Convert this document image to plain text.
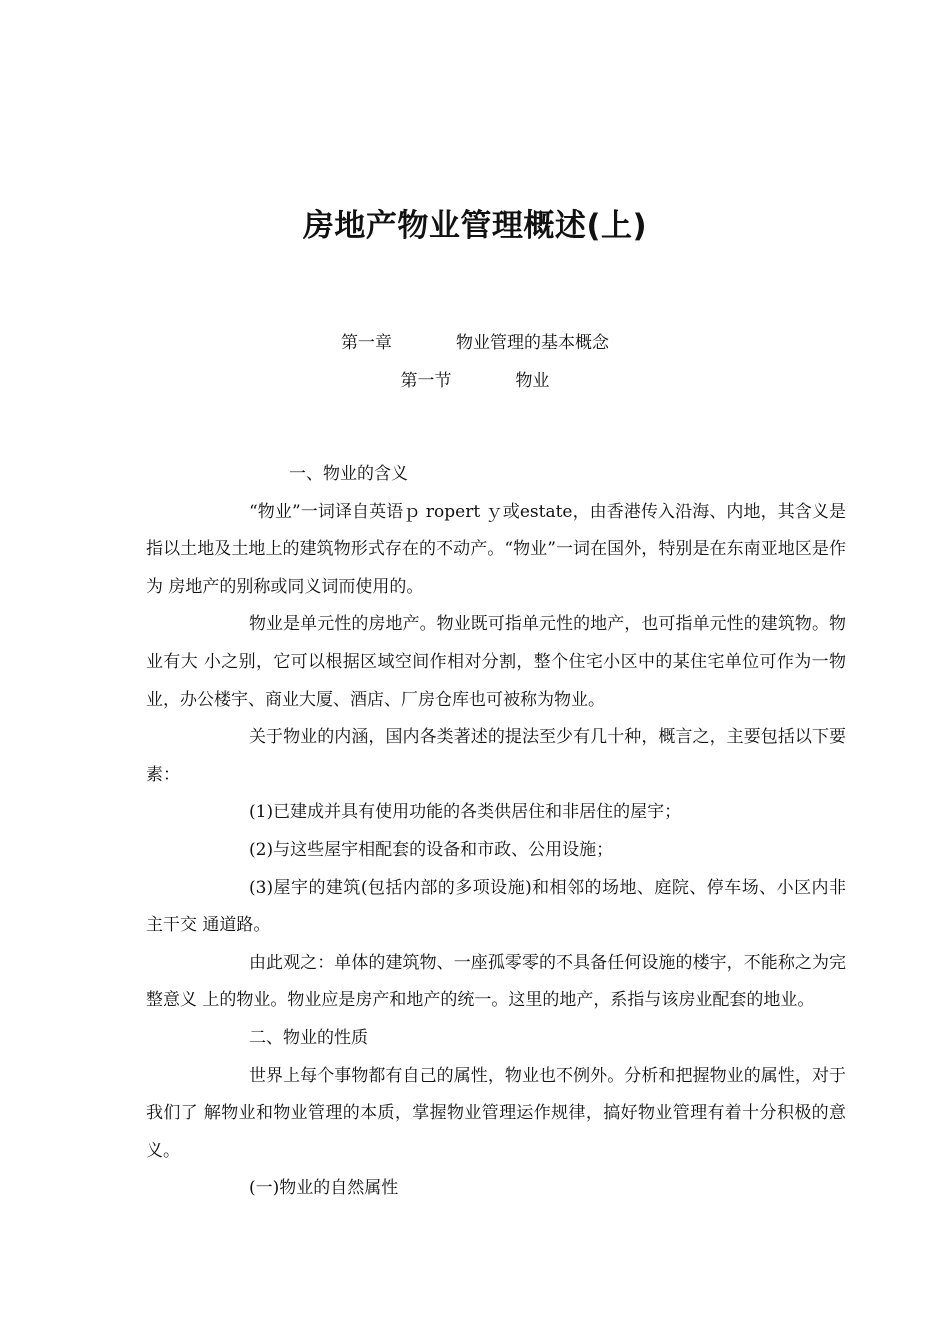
房地产物业管理概述(上)
第一章	物业管理的基本概念
第一节	物业

一、物业的含义

“物业”一词译自英语ｐ ropert ｙ或estate，由香港传入沿海、内地，其含义是指以土地及土地上的建筑物形式存在的不动产。“物业”一词在国外，特别是在东南亚地区是作为 房地产的别称或同义词而使用的。

物业是单元性的房地产。物业既可指单元性的地产，也可指单元性的建筑物。物业有大 小之别，它可以根据区域空间作相对分割，整个住宅小区中的某住宅单位可作为一物业，办公楼宇、商业大厦、酒店、厂房仓库也可被称为物业。

关于物业的内涵，国内各类著述的提法至少有几十种，概言之，主要包括以下要素：

(1)已建成并具有使用功能的各类供居住和非居住的屋宇；

(2)与这些屋宇相配套的设备和市政、公用设施；

(3)屋宇的建筑(包括内部的多项设施)和相邻的场地、庭院、停车场、小区内非主干交 通道路。

由此观之：单体的建筑物、一座孤零零的不具备任何设施的楼宇，不能称之为完整意义 上的物业。物业应是房产和地产的统一。这里的地产，系指与该房业配套的地业。

二、物业的性质

世界上每个事物都有自己的属性，物业也不例外。分析和把握物业的属性，对于我们了 解物业和物业管理的本质，掌握物业管理运作规律，搞好物业管理有着十分积极的意义。

(一)物业的自然属性
